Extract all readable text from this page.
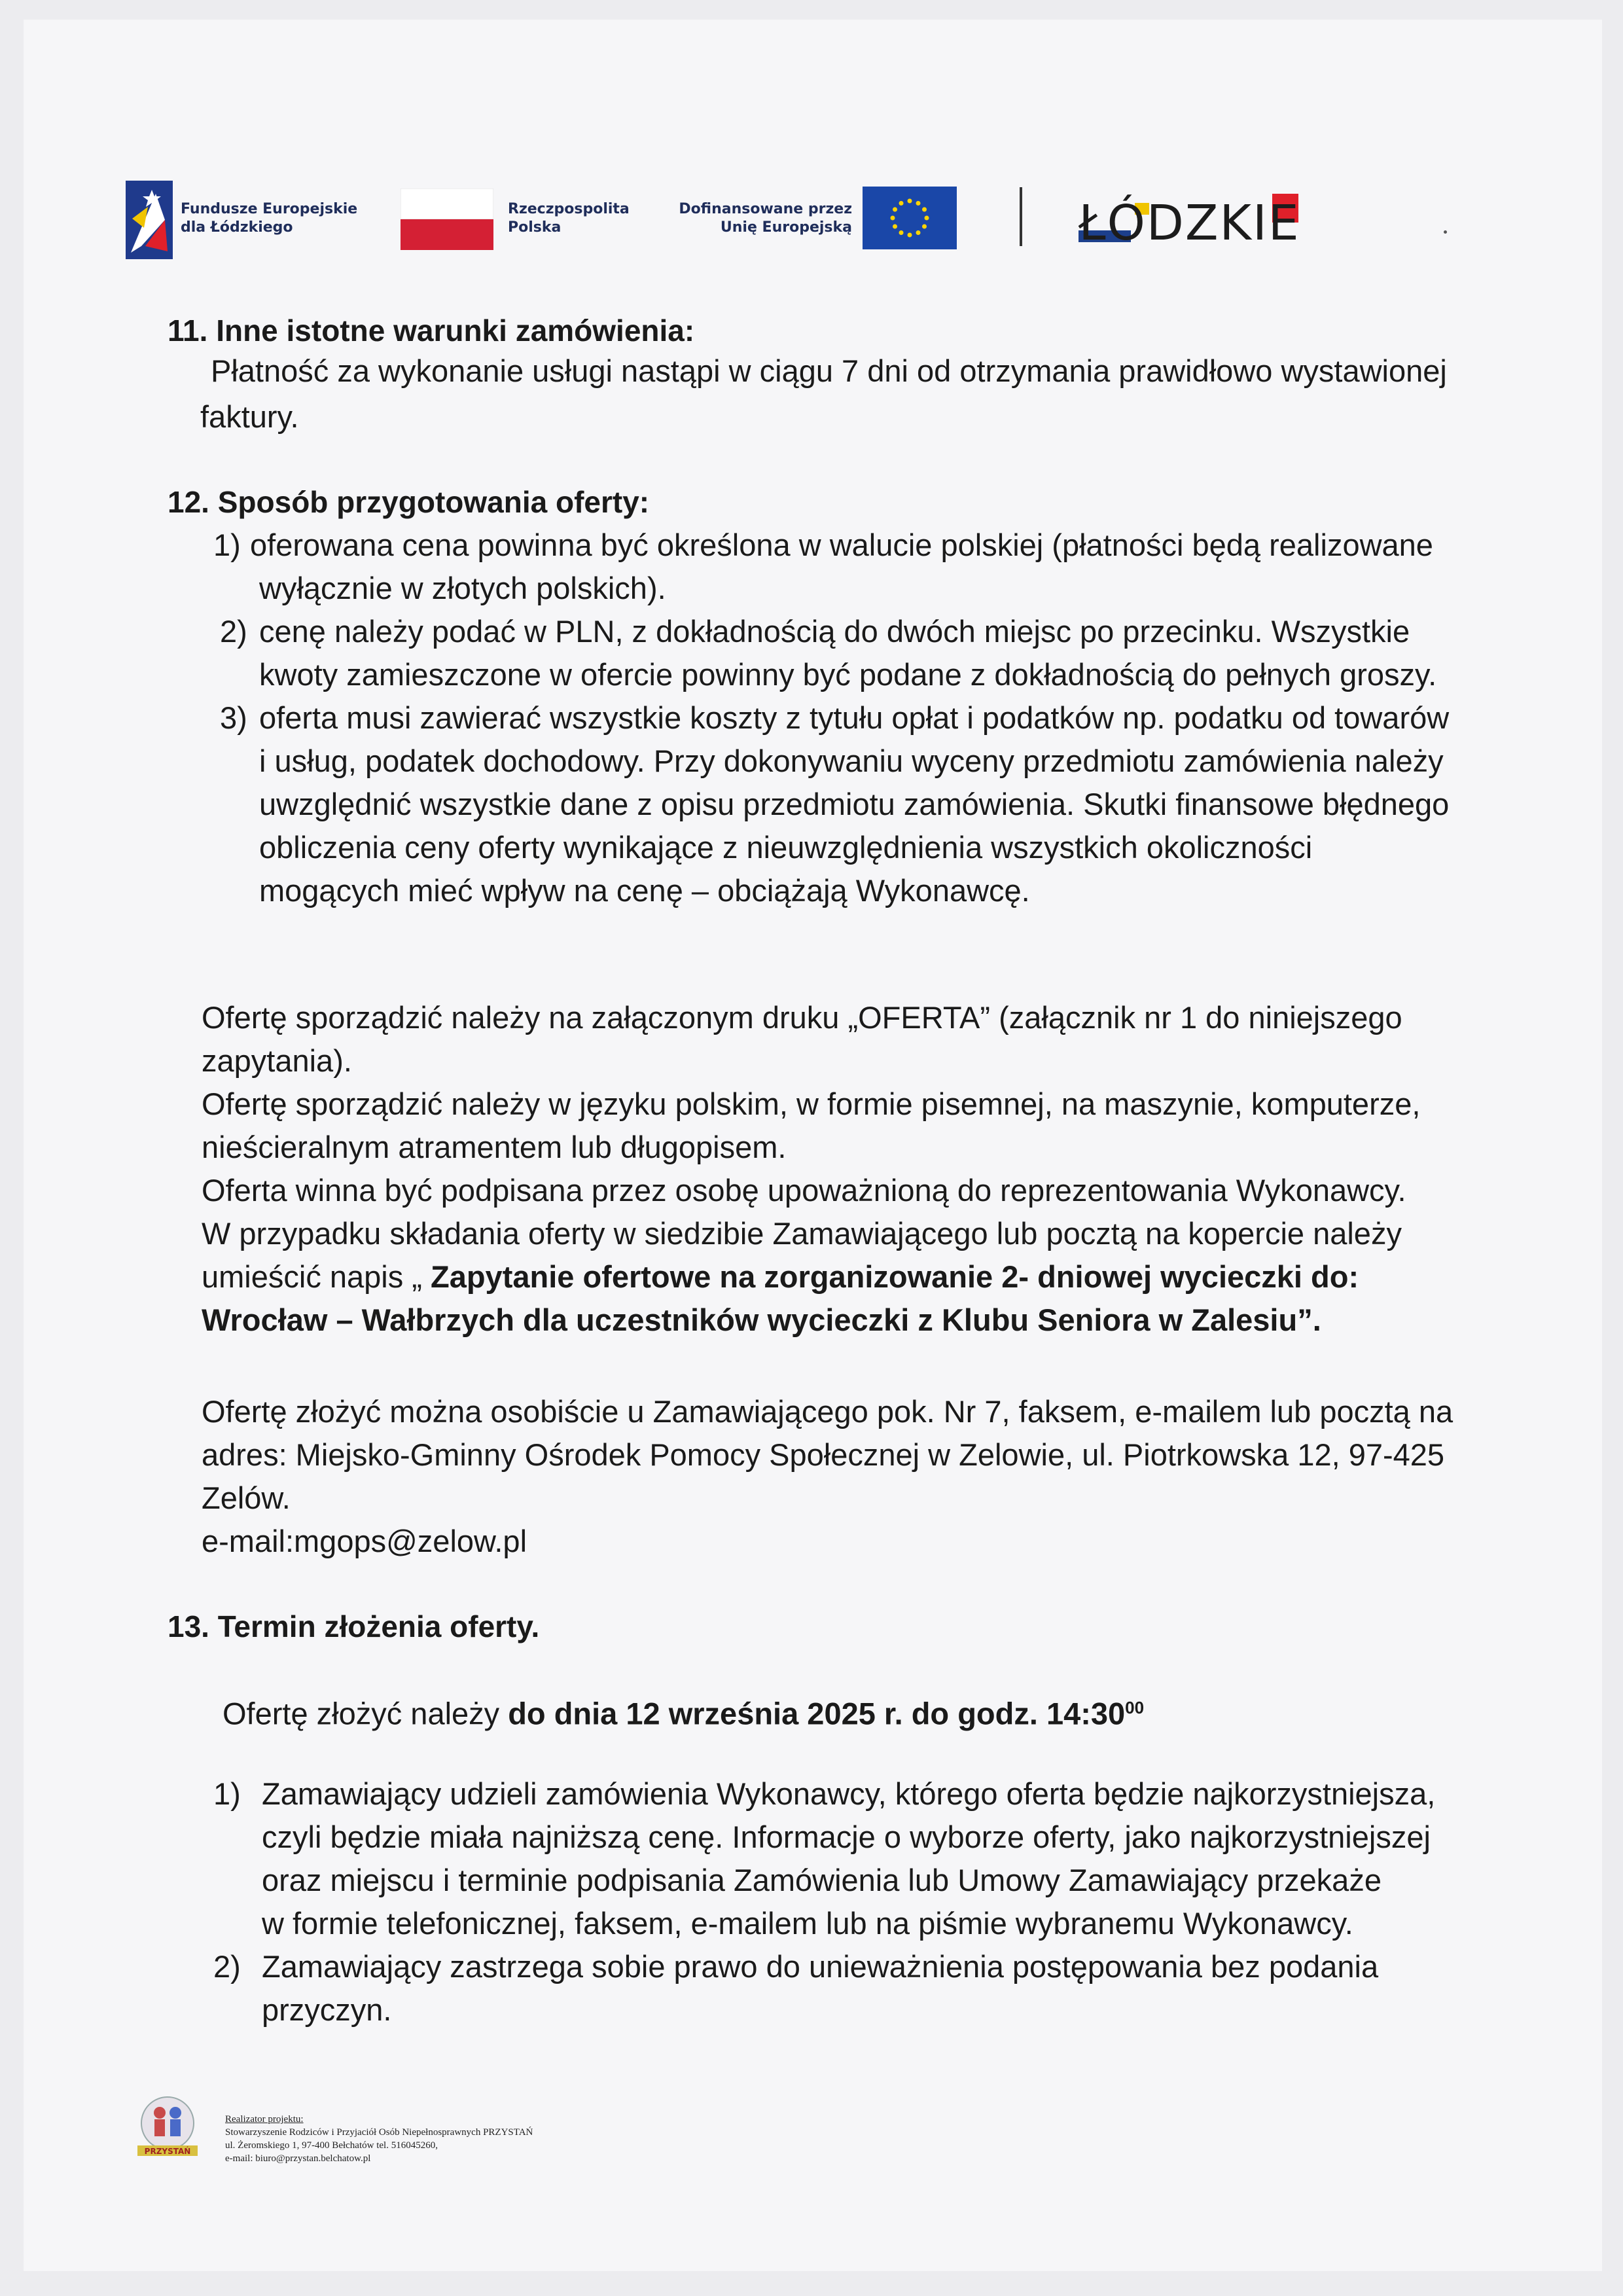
Fundusze Europejskie dla Łódzkiego
Rzeczpospolita Polska
Dofinansowane przez Unię Europejską	ŁÓDZKIE
11. Inne istotne warunki zamówienia:
Płatność za wykonanie usługi nastąpi w ciągu 7 dni od otrzymania prawidłowo wystawionej
faktury.
12. Sposób przygotowania oferty:
1) oferowana cena powinna być określona w walucie polskiej (płatności będą realizowane
wyłącznie w złotych polskich).
2) cenę należy podać w PLN, z dokładnością do dwóch miejsc po przecinku. Wszystkie
kwoty zamieszczone w ofercie powinny być podane z dokładnością do pełnych groszy.
3) oferta musi zawierać wszystkie koszty z tytułu opłat i podatków np. podatku od towarów
i usług, podatek dochodowy. Przy dokonywaniu wyceny przedmiotu zamówienia należy
uwzględnić wszystkie dane z opisu przedmiotu zamówienia. Skutki finansowe błędnego
obliczenia ceny oferty wynikające z nieuwzględnienia wszystkich okoliczności
mogących mieć wpływ na cenę – obciążają Wykonawcę.
Ofertę sporządzić należy na załączonym druku „OFERTA” (załącznik nr 1 do niniejszego
zapytania).
Ofertę sporządzić należy w języku polskim, w formie pisemnej, na maszynie, komputerze,
nieścieralnym atramentem lub długopisem.
Oferta winna być podpisana przez osobę upoważnioną do reprezentowania Wykonawcy.
W przypadku składania oferty w siedzibie Zamawiającego lub pocztą na kopercie należy
umieścić napis „ Zapytanie ofertowe na zorganizowanie 2- dniowej wycieczki do:
Wrocław – Wałbrzych dla uczestników wycieczki z Klubu Seniora w Zalesiu”.
Ofertę złożyć można osobiście u Zamawiającego pok. Nr 7, faksem, e-mailem lub pocztą na
adres: Miejsko-Gminny Ośrodek Pomocy Społecznej w Zelowie, ul. Piotrkowska 12, 97-425
Zelów.
e-mail:mgops@zelow.pl
13. Termin złożenia oferty.
Ofertę złożyć należy do dnia 12 września 2025 r. do godz. $14:30^{00}$
1) Zamawiający udzieli zamówienia Wykonawcy, którego oferta będzie najkorzystniejsza,
czyli będzie miała najniższą cenę. Informacje o wyborze oferty, jako najkorzystniejszej
oraz miejscu i terminie podpisania Zamówienia lub Umowy Zamawiający przekaże
w formie telefonicznej, faksem, e-mailem lub na piśmie wybranemu Wykonawcy.
2) Zamawiający zastrzega sobie prawo do unieważnienia postępowania bez podania
przyczyn.
PRZYSTAŃ
Realizator projektu:
Stowarzyszenie Rodziców i Przyjaciół Osób Niepełnosprawnych PRZYSTAŃ
ul. Żeromskiego 1, 97-400 Bełchatów tel. 516045260,
e-mail: biuro@przystan.belchatow.pl
